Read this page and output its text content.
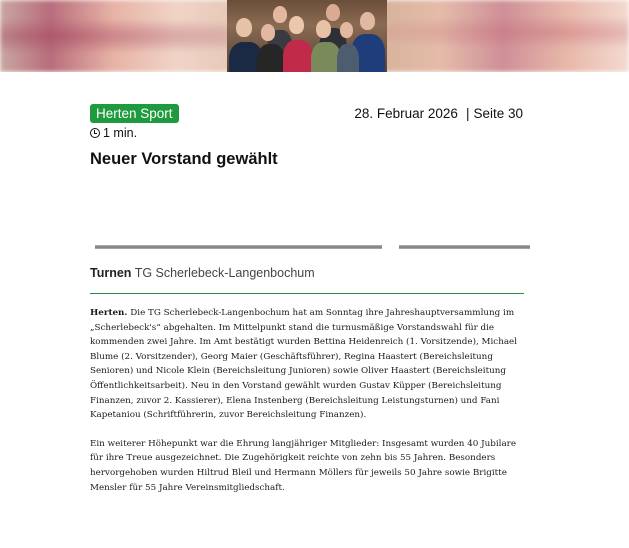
Herten Sport
1 min.
28. Februar 2026 | Seite 30
Neuer Vorstand gewählt
Turnen TG Scherlebeck-Langenbochum

Herten. Die TG Scherlebeck-Langenbochum hat am Sonntag ihre Jahreshauptversammlung im „Scherlebeck's“ abgehalten. Im Mittelpunkt stand die turnusmäßige Vorstandswahl für die kommenden zwei Jahre. Im Amt bestätigt wurden Bettina Heidenreich (1. Vorsitzende), Michael Blume (2. Vorsitzender), Georg Maier (Geschäftsführer), Regina Haastert (Bereichsleitung Senioren) und Nicole Klein (Bereichsleitung Junioren) sowie Oliver Haastert (Bereichsleitung Öffentlichkeitsarbeit). Neu in den Vorstand gewählt wurden Gustav Küpper (Bereichsleitung Finanzen, zuvor 2. Kassierer), Elena Instenberg (Bereichsleitung Leistungsturnen) und Fani Kapetaniou (Schriftführerin, zuvor Bereichsleitung Finanzen).

Ein weiterer Höhepunkt war die Ehrung langjähriger Mitglieder: Insgesamt wurden 40 Jubilare für ihre Treue ausgezeichnet. Die Zugehörigkeit reichte von zehn bis 55 Jahren. Besonders hervorgehoben wurden Hiltrud Bleil und Hermann Möllers für jeweils 50 Jahre sowie Brigitte Mensler für 55 Jahre Vereinsmitgliedschaft.
